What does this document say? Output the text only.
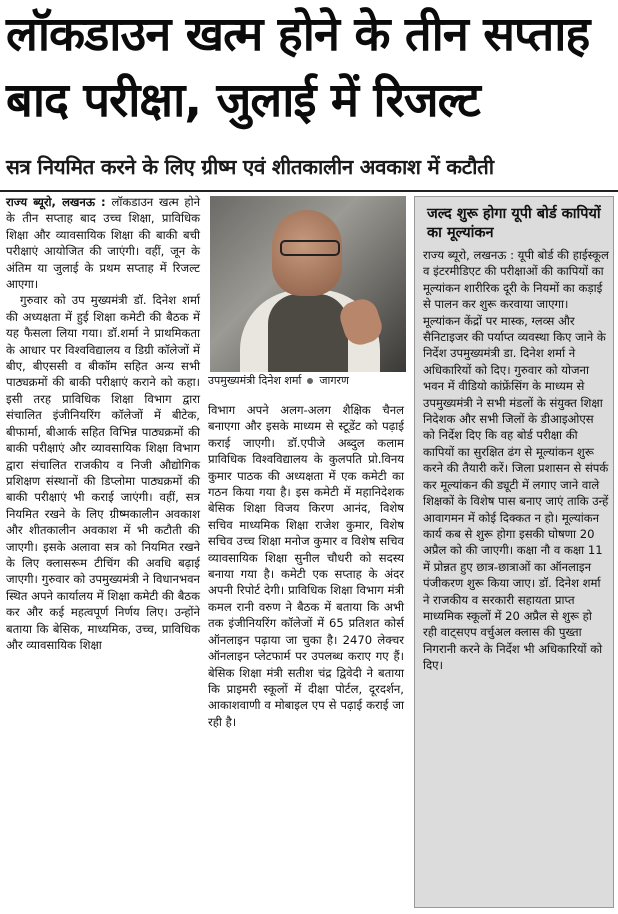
लॉकडाउन खत्म होने के तीन सप्ताह
बाद परीक्षा, जुलाई में रिजल्ट
सत्र नियमित करने के लिए ग्रीष्म एवं शीतकालीन अवकाश में कटौती

राज्य ब्यूरो, लखनऊ : लॉकडाउन खत्म होने के तीन सप्ताह बाद उच्च शिक्षा, प्राविधिक शिक्षा और व्यावसायिक शिक्षा की बाकी बची परीक्षाएं आयोजित की जाएंगी। वहीं, जून के अंतिम या जुलाई के प्रथम सप्ताह में रिजल्ट आएगा।

गुरुवार को उप मुख्यमंत्री डॉ. दिनेश शर्मा की अध्यक्षता में हुई शिक्षा कमेटी की बैठक में यह फैसला लिया गया। डॉ.शर्मा ने प्राथमिकता के आधार पर विश्वविद्यालय व डिग्री कॉलेजों में बीए, बीएससी व बीकॉम सहित अन्य सभी पाठ्यक्रमों की बाकी परीक्षाएं कराने को कहा। इसी तरह प्राविधिक शिक्षा विभाग द्वारा संचालित इंजीनियरिंग कॉलेजों में बीटेक, बीफार्मा, बीआर्क सहित विभिन्न पाठ्यक्रमों की बाकी परीक्षाएं और व्यावसायिक शिक्षा विभाग द्वारा संचालित राजकीय व निजी औद्योगिक प्रशिक्षण संस्थानों की डिप्लोमा पाठ्यक्रमों की बाकी परीक्षाएं भी कराई जाएंगी। वहीं, सत्र नियमित रखने के लिए ग्रीष्मकालीन अवकाश और शीतकालीन अवकाश में भी कटौती की जाएगी। इसके अलावा सत्र को नियमित रखने के लिए क्लासरूम टीचिंग की अवधि बढ़ाई जाएगी। गुरुवार को उपमुख्यमंत्री ने विधानभवन स्थित अपने कार्यालय में शिक्षा कमेटी की बैठक कर और कई महत्वपूर्ण निर्णय लिए। उन्होंने बताया कि बेसिक, माध्यमिक, उच्च, प्राविधिक और व्यावसायिक शिक्षा

उपमुख्यमंत्री दिनेश शर्मा जागरण

विभाग अपने अलग-अलग शैक्षिक चैनल बनाएगा और इसके माध्यम से स्टूडेंट को पढ़ाई कराई जाएगी। डॉ.एपीजे अब्दुल कलाम प्राविधिक विश्वविद्यालय के कुलपति प्रो.विनय कुमार पाठक की अध्यक्षता में एक कमेटी का गठन किया गया है। इस कमेटी में महानिदेशक बेसिक शिक्षा विजय किरण आनंद, विशेष सचिव माध्यमिक शिक्षा राजेश कुमार, विशेष सचिव उच्च शिक्षा मनोज कुमार व विशेष सचिव व्यावसायिक शिक्षा सुनील चौधरी को सदस्य बनाया गया है। कमेटी एक सप्ताह के अंदर अपनी रिपोर्ट देगी। प्राविधिक शिक्षा विभाग मंत्री कमल रानी वरुण ने बैठक में बताया कि अभी तक इंजीनियरिंग कॉलेजों में 65 प्रतिशत कोर्स ऑनलाइन पढ़ाया जा चुका है। 2470 लेक्चर ऑनलाइन प्लेटफार्म पर उपलब्ध कराए गए हैं। बेसिक शिक्षा मंत्री सतीश चंद्र द्विवेदी ने बताया कि प्राइमरी स्कूलों में दीक्षा पोर्टल, दूरदर्शन, आकाशवाणी व मोबाइल एप से पढ़ाई कराई जा रही है।

जल्द शुरू होगा यूपी बोर्ड कापियों का मूल्यांकन

राज्य ब्यूरो, लखनऊ : यूपी बोर्ड की हाईस्कूल व इंटरमीडिएट की परीक्षाओं की कापियों का मूल्यांकन शारीरिक दूरी के नियमों का कड़ाई से पालन कर शुरू करवाया जाएगा। मूल्यांकन केंद्रों पर मास्क, ग्लव्स और सैनिटाइजर की पर्याप्त व्यवस्था किए जाने के निर्देश उपमुख्यमंत्री डा. दिनेश शर्मा ने अधिकारियों को दिए। गुरुवार को योजना भवन में वीडियो कांफ्रेंसिंग के माध्यम से उपमुख्यमंत्री ने सभी मंडलों के संयुक्त शिक्षा निदेशक और सभी जिलों के डीआइओएस को निर्देश दिए कि वह बोर्ड परीक्षा की कापियों का सुरक्षित ढंग से मूल्यांकन शुरू करने की तैयारी करें। जिला प्रशासन से संपर्क कर मूल्यांकन की ड्यूटी में लगाए जाने वाले शिक्षकों के विशेष पास बनाए जाएं ताकि उन्हें आवागमन में कोई दिक्कत न हो। मूल्यांकन कार्य कब से शुरू होगा इसकी घोषणा 20 अप्रैल को की जाएगी। कक्षा नौ व कक्षा 11 में प्रोन्नत हुए छात्र-छात्राओं का ऑनलाइन पंजीकरण शुरू किया जाए। डॉ. दिनेश शर्मा ने राजकीय व सरकारी सहायता प्राप्त माध्यमिक स्कूलों में 20 अप्रैल से शुरू हो रही वाट्सएप वर्चुअल क्लास की पुख्ता निगरानी करने के निर्देश भी अधिकारियों को दिए।
